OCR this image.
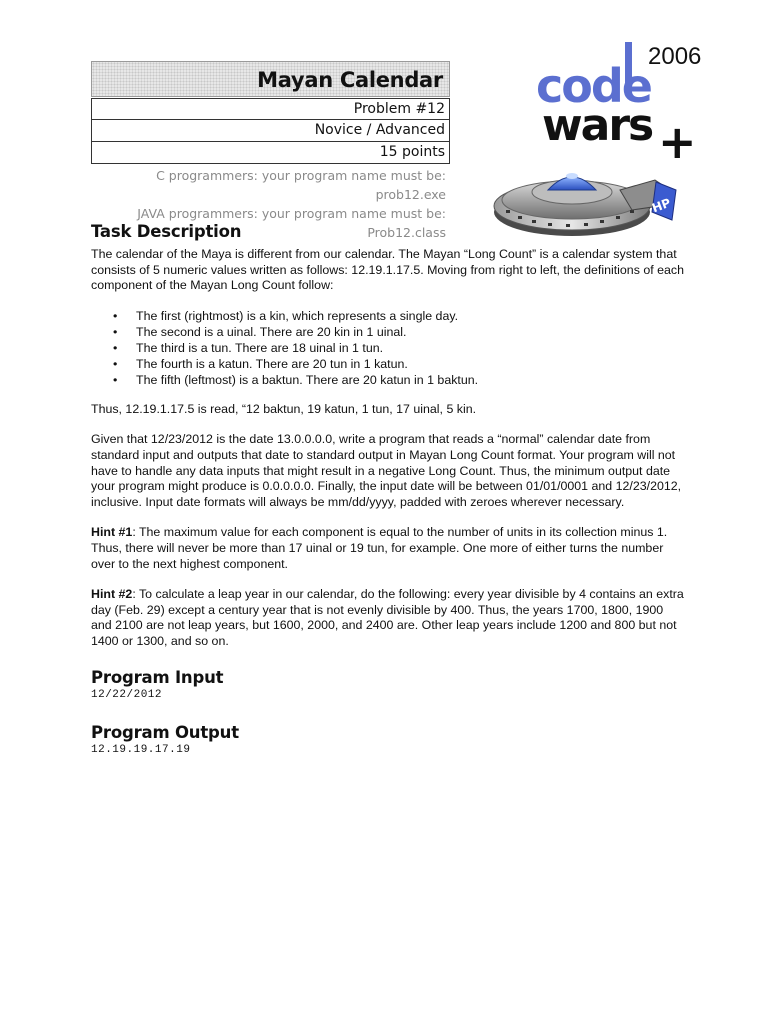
Mayan Calendar
Problem #12
Novice / Advanced
15 points
C programmers: your program name must be: prob12.exe
JAVA programmers: your program name must be: Prob12.class
2006
code
wars +
HP
Task Description

The calendar of the Maya is different from our calendar. The Mayan “Long Count” is a calendar system that consists of 5 numeric values written as follows: 12.19.1.17.5. Moving from right to left, the definitions of each component of the Mayan Long Count follow:

• The first (rightmost) is a kin, which represents a single day.
• The second is a uinal. There are 20 kin in 1 uinal.
• The third is a tun. There are 18 uinal in 1 tun.
• The fourth is a katun. There are 20 tun in 1 katun.
• The fifth (leftmost) is a baktun. There are 20 katun in 1 baktun.

Thus, 12.19.1.17.5 is read, “12 baktun, 19 katun, 1 tun, 17 uinal, 5 kin.

Given that 12/23/2012 is the date 13.0.0.0.0, write a program that reads a “normal” calendar date from standard input and outputs that date to standard output in Mayan Long Count format. Your program will not have to handle any data inputs that might result in a negative Long Count. Thus, the minimum output date your program might produce is 0.0.0.0.0. Finally, the input date will be between 01/01/0001 and 12/23/2012, inclusive. Input date formats will always be mm/dd/yyyy, padded with zeroes wherever necessary.

Hint #1: The maximum value for each component is equal to the number of units in its collection minus 1. Thus, there will never be more than 17 uinal or 19 tun, for example. One more of either turns the number over to the next highest component.

Hint #2: To calculate a leap year in our calendar, do the following: every year divisible by 4 contains an extra day (Feb. 29) except a century year that is not evenly divisible by 400. Thus, the years 1700, 1800, 1900 and 2100 are not leap years, but 1600, 2000, and 2400 are. Other leap years include 1200 and 800 but not 1400 or 1300, and so on.

Program Input
12/22/2012
Program Output
12.19.19.17.19
